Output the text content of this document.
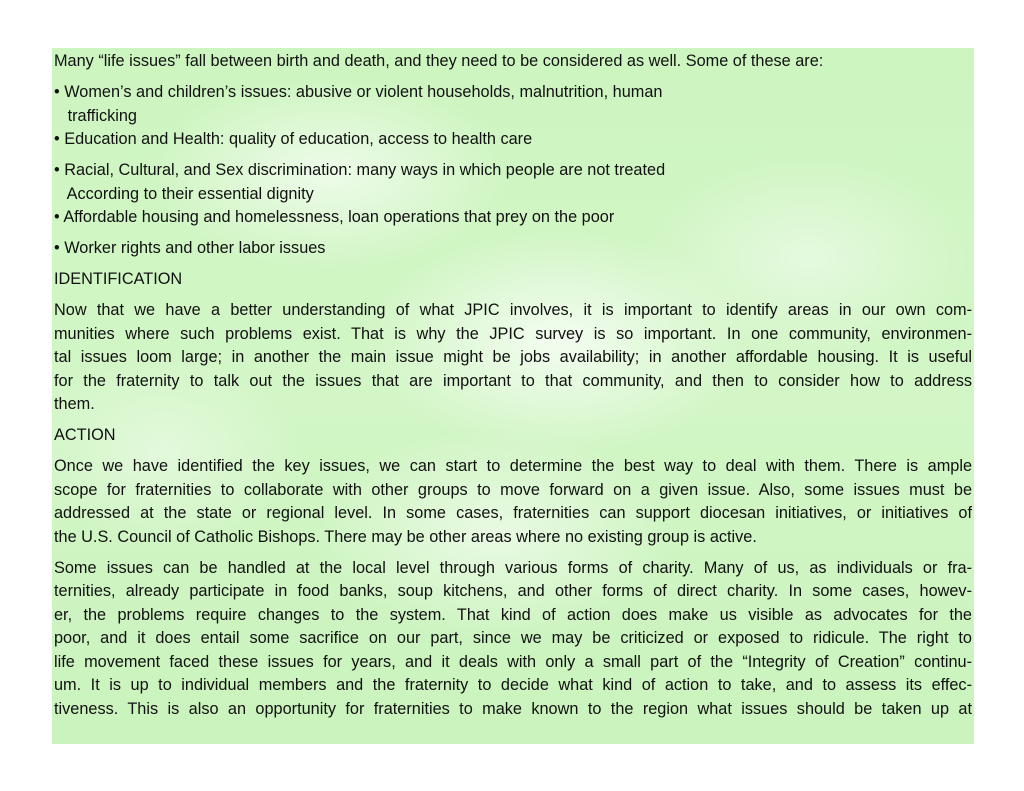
Many “life issues” fall between birth and death, and they need to be considered as well. Some of these are:
• Women’s and children’s issues: abusive or violent households, malnutrition, human
trafficking
• Education and Health: quality of education, access to health care
• Racial, Cultural, and Sex discrimination: many ways in which people are not treated
According to their essential dignity
• Affordable housing and homelessness, loan operations that prey on the poor
• Worker rights and other labor issues
IDENTIFICATION
Now that we have a better understanding of what JPIC involves, it is important to identify areas in our own com-
munities where such problems exist. That is why the JPIC survey is so important. In one community, environmen-
tal issues loom large; in another the main issue might be jobs availability; in another affordable housing. It is useful
for the fraternity to talk out the issues that are important to that community, and then to consider how to address
them.
ACTION
Once we have identified the key issues, we can start to determine the best way to deal with them. There is ample
scope for fraternities to collaborate with other groups to move forward on a given issue. Also, some issues must be
addressed at the state or regional level. In some cases, fraternities can support diocesan initiatives, or initiatives of
the U.S. Council of Catholic Bishops. There may be other areas where no existing group is active.
Some issues can be handled at the local level through various forms of charity. Many of us, as individuals or fra-
ternities, already participate in food banks, soup kitchens, and other forms of direct charity. In some cases, howev-
er, the problems require changes to the system. That kind of action does make us visible as advocates for the
poor, and it does entail some sacrifice on our part, since we may be criticized or exposed to ridicule. The right to
life movement faced these issues for years, and it deals with only a small part of the “Integrity of Creation” continu-
um. It is up to individual members and the fraternity to decide what kind of action to take, and to assess its effec-
tiveness. This is also an opportunity for fraternities to make known to the region what issues should be taken up at
